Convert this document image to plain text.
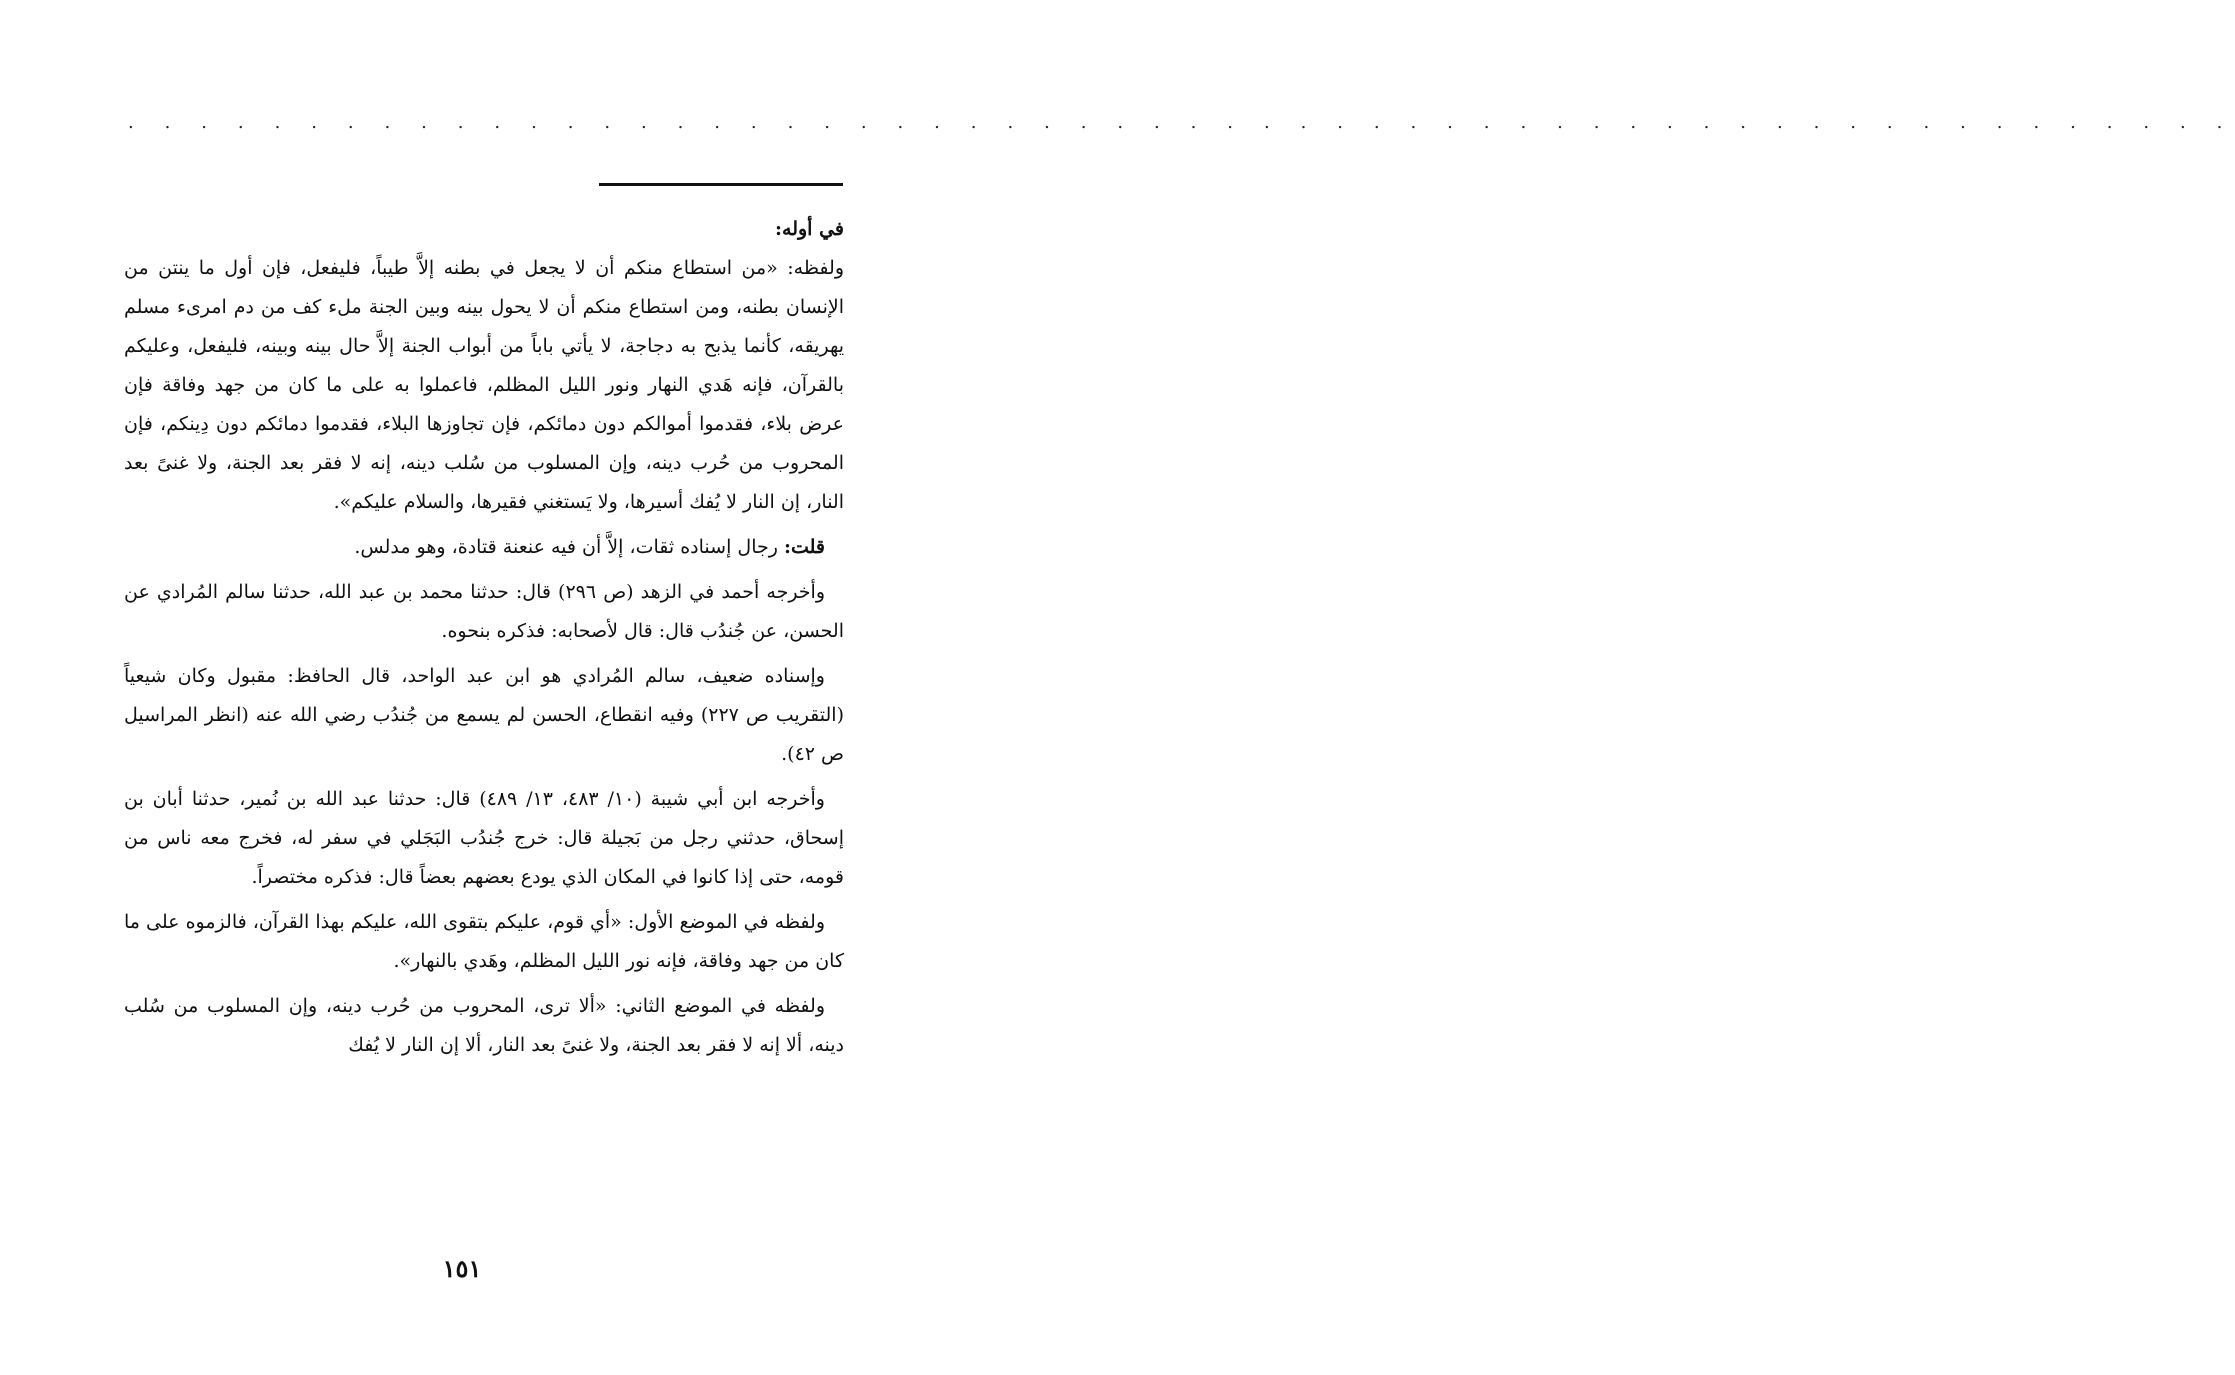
. . . . . . . . . . . . . . . . . . . . . . . . . . . . . . . . . . . . . . . . . . . . . . . . . . . . . . . . . .

في أوله:

ولفظه: «من استطاع منكم أن لا يجعل في بطنه إلاَّ طيباً، فليفعل، فإن أول ما ينتن من الإنسان بطنه، ومن استطاع منكم أن لا يحول بينه وبين الجنة ملء كف من دم امرىء مسلم يهريقه، كأنما يذبح به دجاجة، لا يأتي باباً من أبواب الجنة إلاَّ حال بينه وبينه، فليفعل، وعليكم بالقرآن، فإنه هَدي النهار ونور الليل المظلم، فاعملوا به على ما كان من جهد وفاقة فإن عرض بلاء، فقدموا أموالكم دون دمائكم، فإن تجاوزها البلاء، فقدموا دمائكم دون دِينكم، فإن المحروب من حُرب دينه، وإن المسلوب من سُلب دينه، إنه لا فقر بعد الجنة، ولا غنىً بعد النار، إن النار لا يُفك أسيرها، ولا يَستغني فقيرها، والسلام عليكم».

 قلت: رجال إسناده ثقات، إلاَّ أن فيه عنعنة قتادة، وهو مدلس.

 وأخرجه أحمد في الزهد (ص ٢٩٦) قال: حدثنا محمد بن عبد الله، حدثنا سالم المُرادي عن الحسن، عن جُندُب قال: قال لأصحابه: فذكره بنحوه.

 وإسناده ضعيف، سالم المُرادي هو ابن عبد الواحد، قال الحافظ: مقبول وكان شيعياً (التقريب ص ٢٢٧) وفيه انقطاع، الحسن لم يسمع من جُندُب رضي الله عنه (انظر المراسيل ص ٤٢).

 وأخرجه ابن أبي شيبة (١٠/ ٤٨٣، ١٣/ ٤٨٩) قال: حدثنا عبد الله بن نُمير، حدثنا أبان بن إسحاق، حدثني رجل من بَجيلة قال: خرج جُندُب البَجَلي في سفر له، فخرج معه ناس من قومه، حتى إذا كانوا في المكان الذي يودع بعضهم بعضاً قال: فذكره مختصراً.

 ولفظه في الموضع الأول: «أي قوم، عليكم بتقوى الله، عليكم بهذا القرآن، فالزموه على ما كان من جهد وفاقة، فإنه نور الليل المظلم، وهَدي بالنهار».

 ولفظه في الموضع الثاني: «ألا ترى، المحروب من حُرب دينه، وإن المسلوب من سُلب دينه، ألا إنه لا فقر بعد الجنة، ولا غنىً بعد النار، ألا إن النار لا يُفك

١٥١
